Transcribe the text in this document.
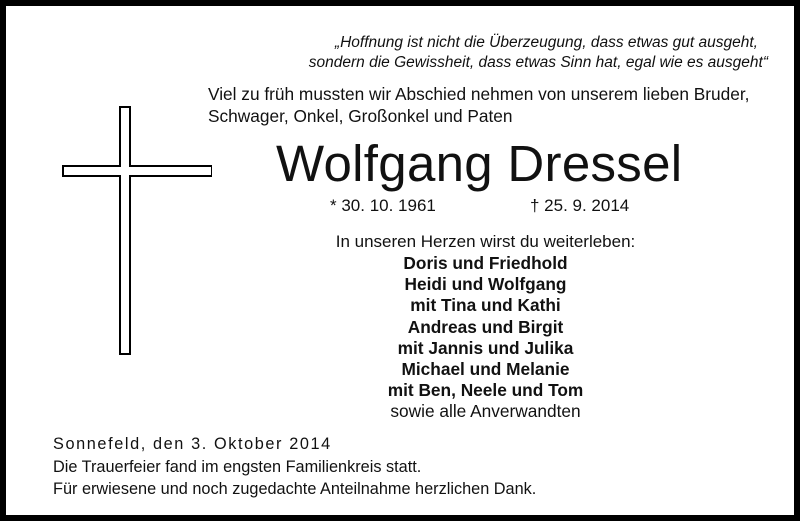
„Hoffnung ist nicht die Überzeugung, dass etwas gut ausgeht,
sondern die Gewissheit, dass etwas Sinn hat, egal wie es ausgeht“
Viel zu früh mussten wir Abschied nehmen von unserem lieben Bruder,
Schwager, Onkel, Großonkel und Paten
Wolfgang Dressel
* 30. 10. 1961	† 25. 9. 2014
In unseren Herzen wirst du weiterleben:
Doris und Friedhold
Heidi und Wolfgang
mit Tina und Kathi
Andreas und Birgit
mit Jannis und Julika
Michael und Melanie
mit Ben, Neele und Tom
sowie alle Anverwandten
Sonnefeld, den 3. Oktober 2014
Die Trauerfeier fand im engsten Familienkreis statt.
Für erwiesene und noch zugedachte Anteilnahme herzlichen Dank.
